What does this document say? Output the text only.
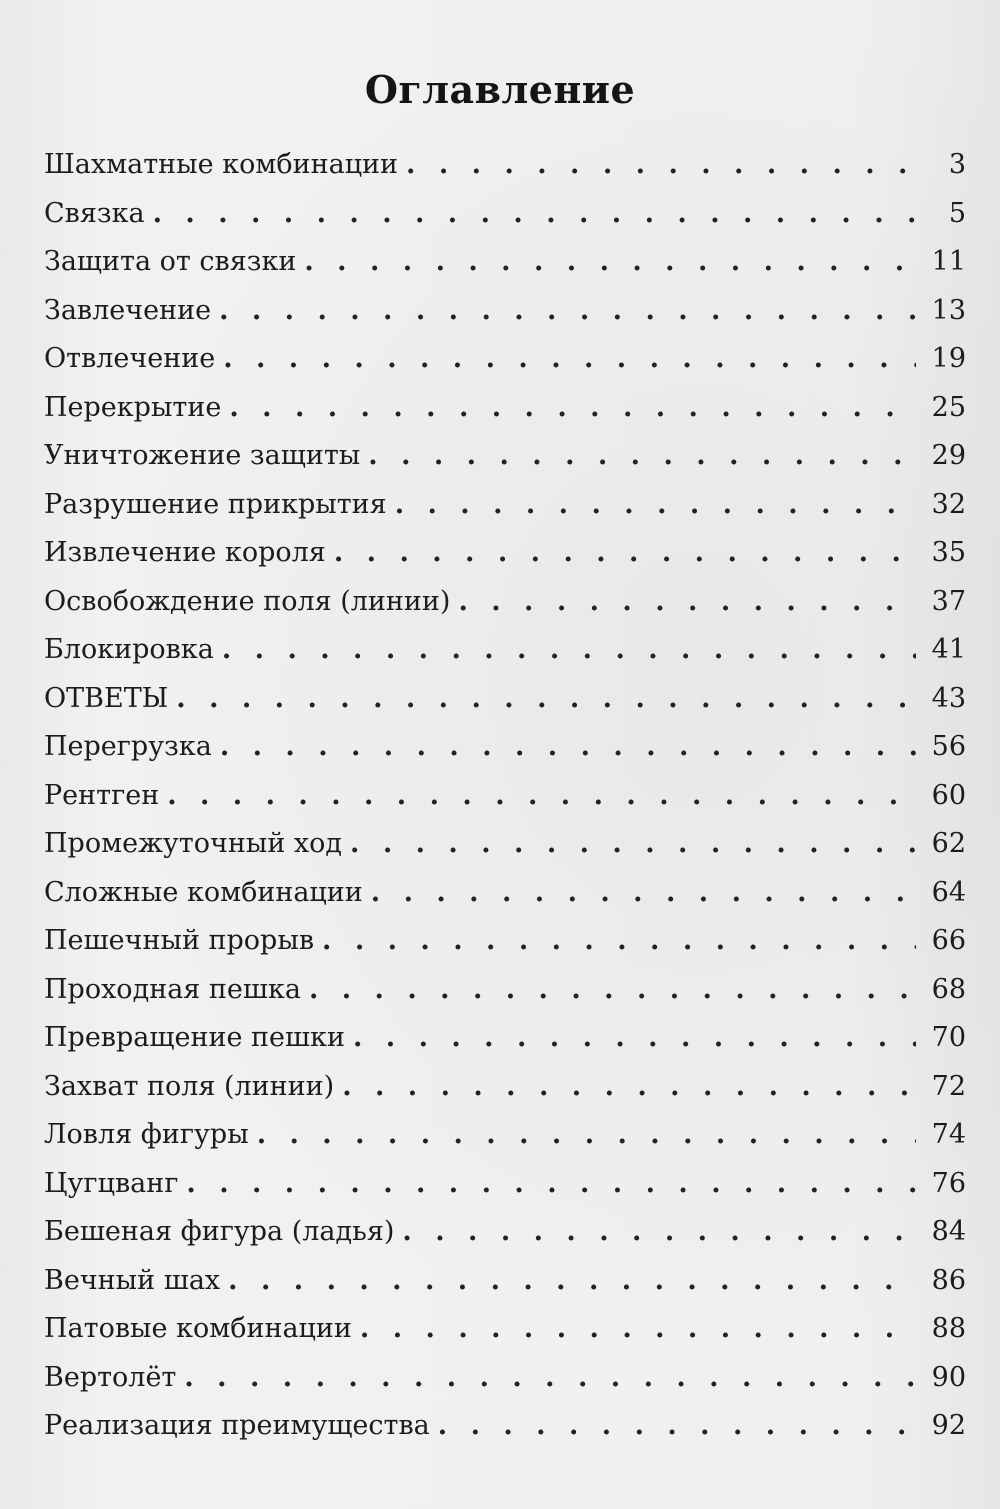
Оглавление
Шахматные комбинации . . .	3
Связка . . .	5
Защита от связки . . .	11
Завлечение . . .	13
Отвлечение . . .	19
Перекрытие . . .	25
Уничтожение защиты . . .	29
Разрушение прикрытия . . .	32
Извлечение короля . . .	35
Освобождение поля (линии) . . .	37
Блокировка . . .	41
ОТВЕТЫ . . .	43
Перегрузка . . .	56
Рентген . . .	60
Промежуточный ход . . .	62
Сложные комбинации . . .	64
Пешечный прорыв . . .	66
Проходная пешка . . .	68
Превращение пешки . . .	70
Захват поля (линии) . . .	72
Ловля фигуры . . .	74
Цугцванг . . .	76
Бешеная фигура (ладья) . . .	84
Вечный шах . . .	86
Патовые комбинации . . .	88
Вертолёт . . .	90
Реализация преимущества . . .	92
